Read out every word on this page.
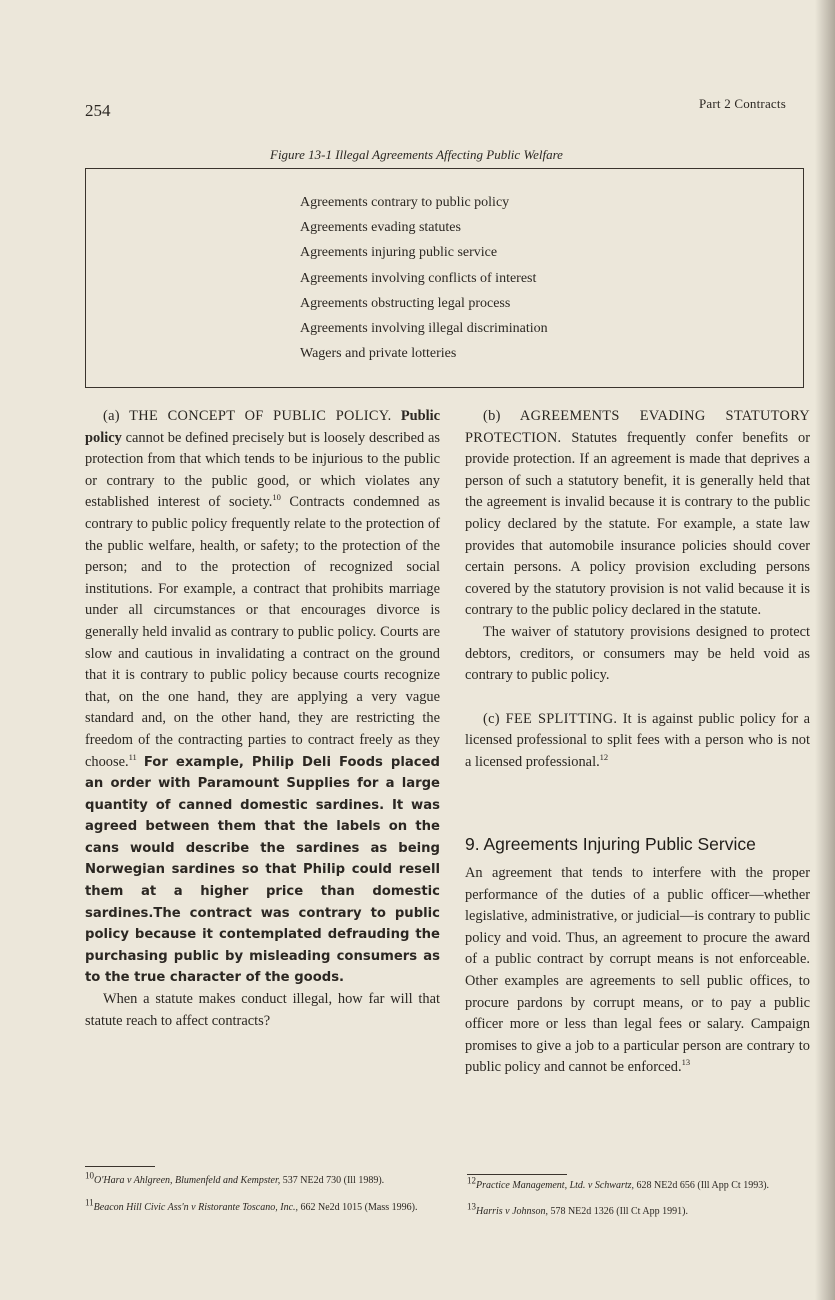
254	Part 2 Contracts
Figure 13-1 Illegal Agreements Affecting Public Welfare
Agreements contrary to public policy
Agreements evading statutes
Agreements injuring public service
Agreements involving conflicts of interest
Agreements obstructing legal process
Agreements involving illegal discrimination
Wagers and private lotteries

(a) THE CONCEPT OF PUBLIC POLICY. Public policy cannot be defined precisely but is loosely described as protection from that which tends to be injurious to the public or contrary to the public good, or which violates any established interest of society.$^{10}$ Contracts condemned as contrary to public policy frequently relate to the protection of the public welfare, health, or safety; to the protection of the person; and to the protection of recognized social institutions. For example, a contract that prohibits marriage under all circumstances or that encourages divorce is generally held invalid as contrary to public policy. Courts are slow and cautious in invalidating a contract on the ground that it is contrary to public policy because courts recognize that, on the one hand, they are applying a very vague standard and, on the other hand, they are restricting the freedom of the contracting parties to contract freely as they choose.$^{11}$ For example, Philip Deli Foods placed an order with Paramount Supplies for a large quantity of canned domestic sardines. It was agreed between them that the labels on the cans would describe the sardines as being Norwegian sardines so that Philip could resell them at a higher price than domestic sardines.The contract was contrary to public policy because it contemplated defrauding the purchasing public by misleading consumers as to the true character of the goods.

When a statute makes conduct illegal, how far will that statute reach to affect contracts?

(b) AGREEMENTS EVADING STATUTORY PROTECTION. Statutes frequently confer benefits or provide protection. If an agreement is made that deprives a person of such a statutory benefit, it is generally held that the agreement is invalid because it is contrary to the public policy declared by the statute. For example, a state law provides that automobile insurance policies should cover certain persons. A policy provision excluding persons covered by the statutory provision is not valid because it is contrary to the public policy declared in the statute.

The waiver of statutory provisions designed to protect debtors, creditors, or consumers may be held void as contrary to public policy.

(c) FEE SPLITTING. It is against public policy for a licensed professional to split fees with a person who is not a licensed professional.$^{12}$

9. Agreements Injuring Public Service
An agreement that tends to interfere with the proper performance of the duties of a public officer—whether legislative, administrative, or judicial—is contrary to public policy and void. Thus, an agreement to procure the award of a public contract by corrupt means is not enforceable. Other examples are agreements to sell public offices, to procure pardons by corrupt means, or to pay a public officer more or less than legal fees or salary. Campaign promises to give a job to a particular person are contrary to public policy and cannot be enforced.$^{13}$
10O'Hara v Ahlgreen, Blumenfeld and Kempster, 537 NE2d 730 (Ill 1989).
11Beacon Hill Civic Ass'n v Ristorante Toscano, Inc., 662 Ne2d 1015 (Mass 1996).
12Practice Management, Ltd. v Schwartz, 628 NE2d 656 (Ill App Ct 1993).
13Harris v Johnson, 578 NE2d 1326 (Ill Ct App 1991).
